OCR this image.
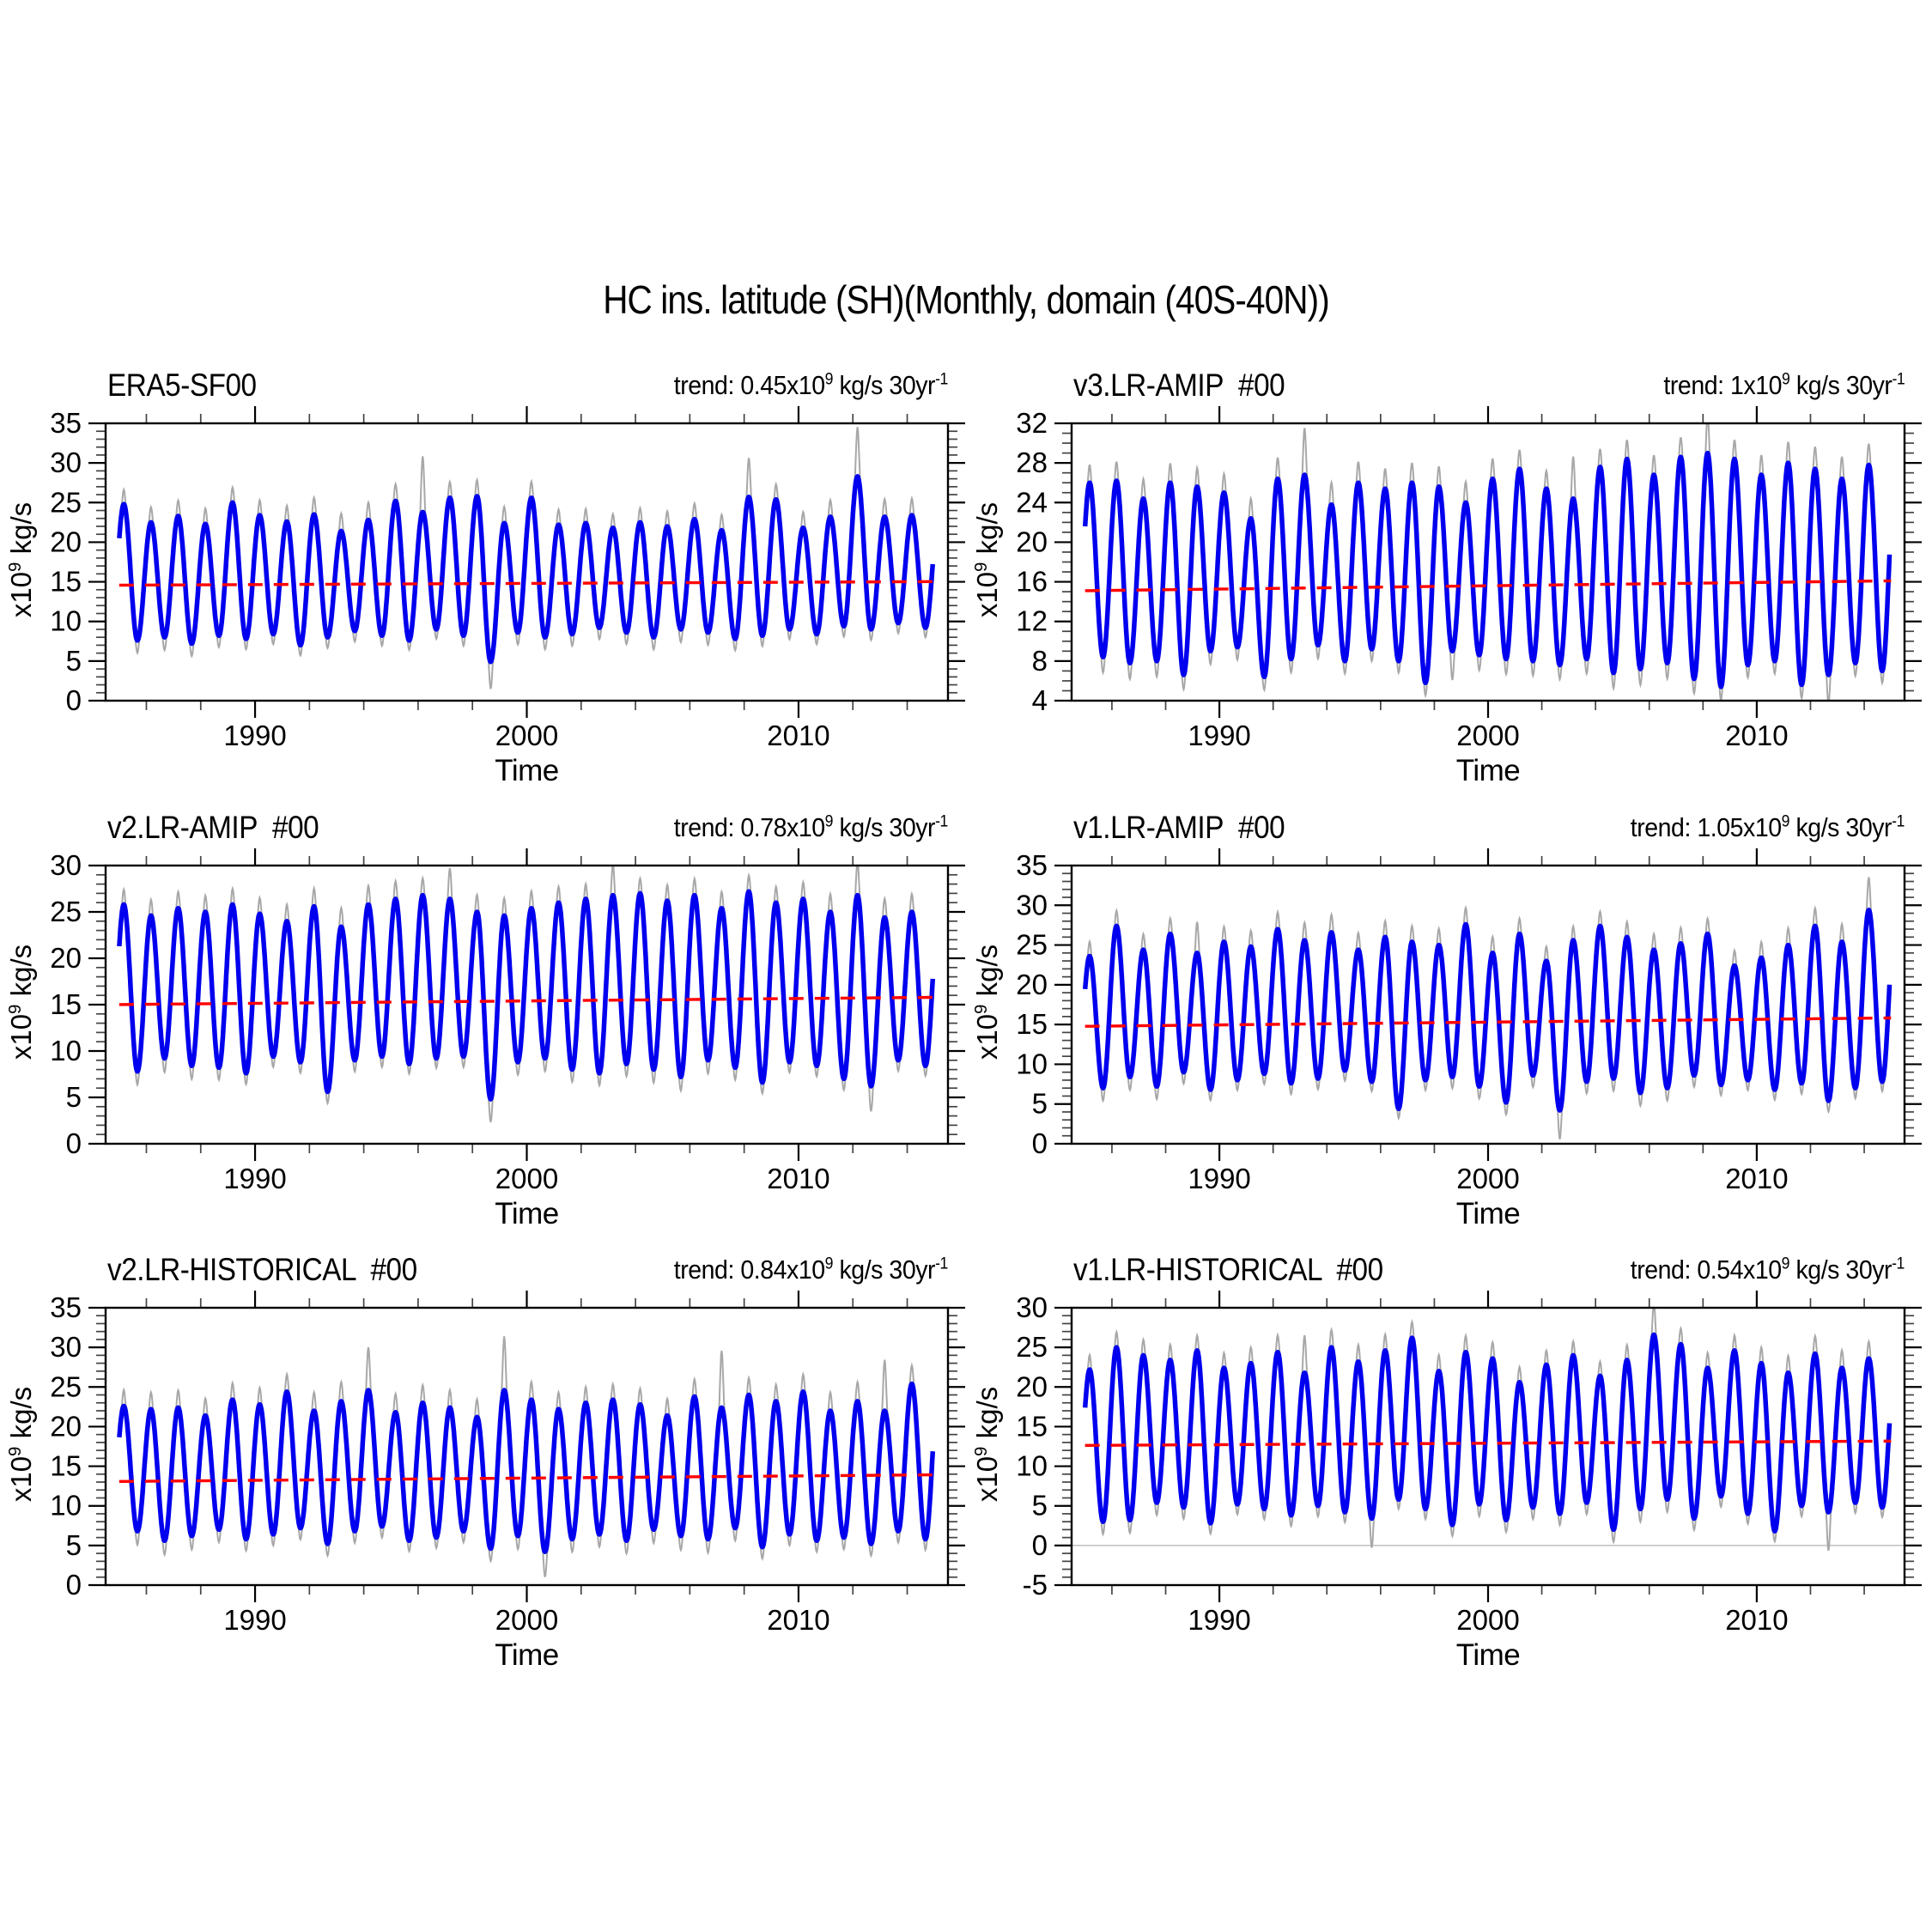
HC ins. latitude (SH)(Monthly, domain (40S-40N))
1990	2000	2010
0
5
10
15
20
25
30
35
1990	2000	2010
4
8
12
16
20
24
28
32
1990	2000	2010
0
5
10
15
20
25
30
1990	2000	2010
0
5
10
15
20
25
30
35
1990	2000	2010
0
5
10
15
20
25
30
35
1990	2000	2010
-5
0
5
10
15
20
25
30
ERA5-SF00	trend: $0.45x10^9$ kg/s $30yr^{-1}$
$x10^9$ kg/s
Time
v3.LR-AMIP  #00	trend: $1x10^9$ kg/s $30yr^{-1}$
$x10^9$ kg/s
Time
v2.LR-AMIP  #00	trend: $0.78x10^9$ kg/s $30yr^{-1}$
$x10^9$ kg/s
Time
v1.LR-AMIP  #00	trend: $1.05x10^9$ kg/s $30yr^{-1}$
$x10^9$ kg/s
Time
v2.LR-HISTORICAL  #00	trend: $0.84x10^9$ kg/s $30yr^{-1}$
$x10^9$ kg/s
Time
v1.LR-HISTORICAL  #00	trend: $0.54x10^9$ kg/s $30yr^{-1}$
$x10^9$ kg/s
Time
